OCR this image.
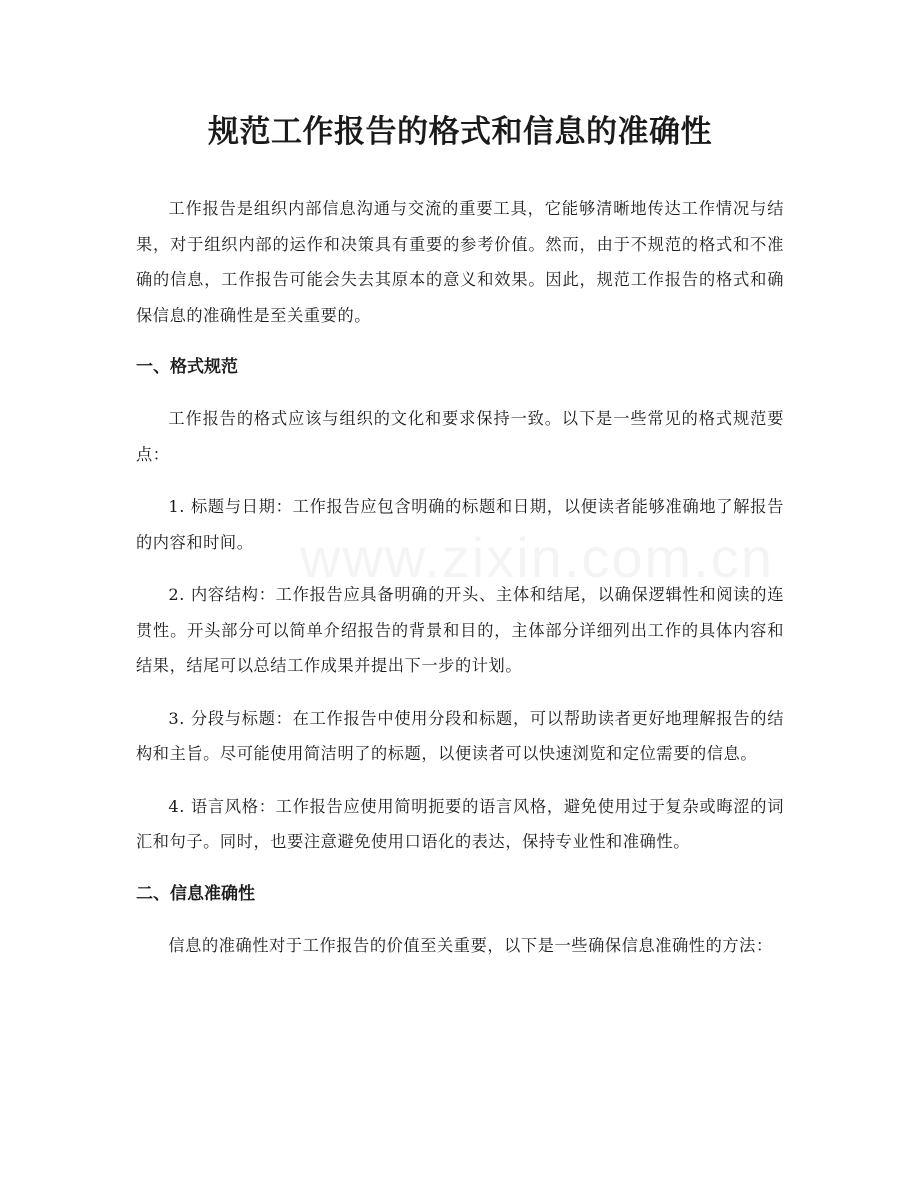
规范工作报告的格式和信息的准确性

工作报告是组织内部信息沟通与交流的重要工具，它能够清晰地传达工作情况与结果，对于组织内部的运作和决策具有重要的参考价值。然而，由于不规范的格式和不准确的信息，工作报告可能会失去其原本的意义和效果。因此，规范工作报告的格式和确保信息的准确性是至关重要的。

一、格式规范

工作报告的格式应该与组织的文化和要求保持一致。以下是一些常见的格式规范要点：

1. 标题与日期：工作报告应包含明确的标题和日期，以便读者能够准确地了解报告的内容和时间。

2. 内容结构：工作报告应具备明确的开头、主体和结尾，以确保逻辑性和阅读的连贯性。开头部分可以简单介绍报告的背景和目的，主体部分详细列出工作的具体内容和结果，结尾可以总结工作成果并提出下一步的计划。

3. 分段与标题：在工作报告中使用分段和标题，可以帮助读者更好地理解报告的结构和主旨。尽可能使用简洁明了的标题，以便读者可以快速浏览和定位需要的信息。

4. 语言风格：工作报告应使用简明扼要的语言风格，避免使用过于复杂或晦涩的词汇和句子。同时，也要注意避免使用口语化的表达，保持专业性和准确性。

二、信息准确性

信息的准确性对于工作报告的价值至关重要，以下是一些确保信息准确性的方法：
